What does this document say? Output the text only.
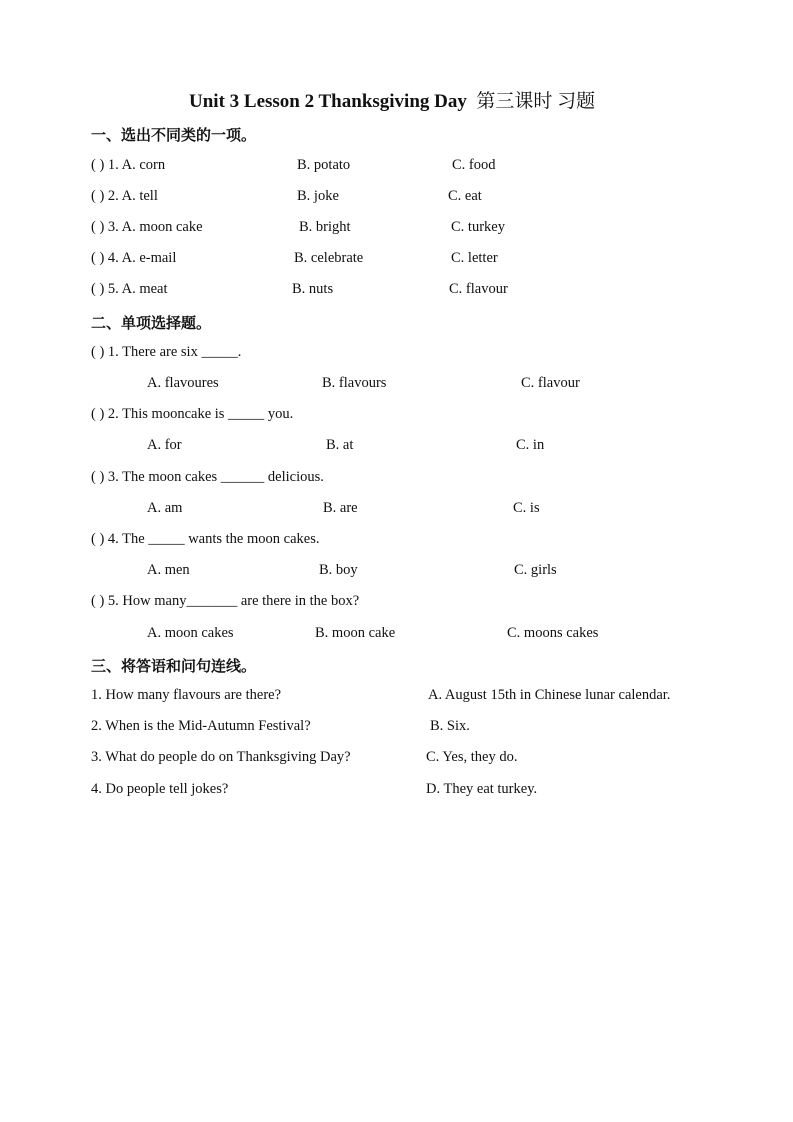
Unit 3 Lesson 2 Thanksgiving Day 第三课时 习题
一、选出不同类的一项。
( ) 1. A. corn	B. potato	C. food
( ) 2. A. tell	B. joke	C. eat
( ) 3. A. moon cake	B. bright	C. turkey
( ) 4. A. e-mail	B. celebrate	C. letter
( ) 5. A. meat	B. nuts	C. flavour
二、单项选择题。
( ) 1. There are six _____.
A. flavoures	B. flavours	C. flavour
( ) 2. This mooncake is _____ you.
A. for	B. at	C. in
( ) 3. The moon cakes ______ delicious.
A. am	B. are	C. is
( ) 4. The _____ wants the moon cakes.
A. men	B. boy	C. girls
( ) 5. How many_______ are there in the box?
A. moon cakes	B. moon cake	C. moons cakes
三、将答语和问句连线。
1. How many flavours are there?	A. August 15th in Chinese lunar calendar.
2. When is the Mid-Autumn Festival?	B. Six.
3. What do people do on Thanksgiving Day?	C. Yes, they do.
4. Do people tell jokes?	D. They eat turkey.
